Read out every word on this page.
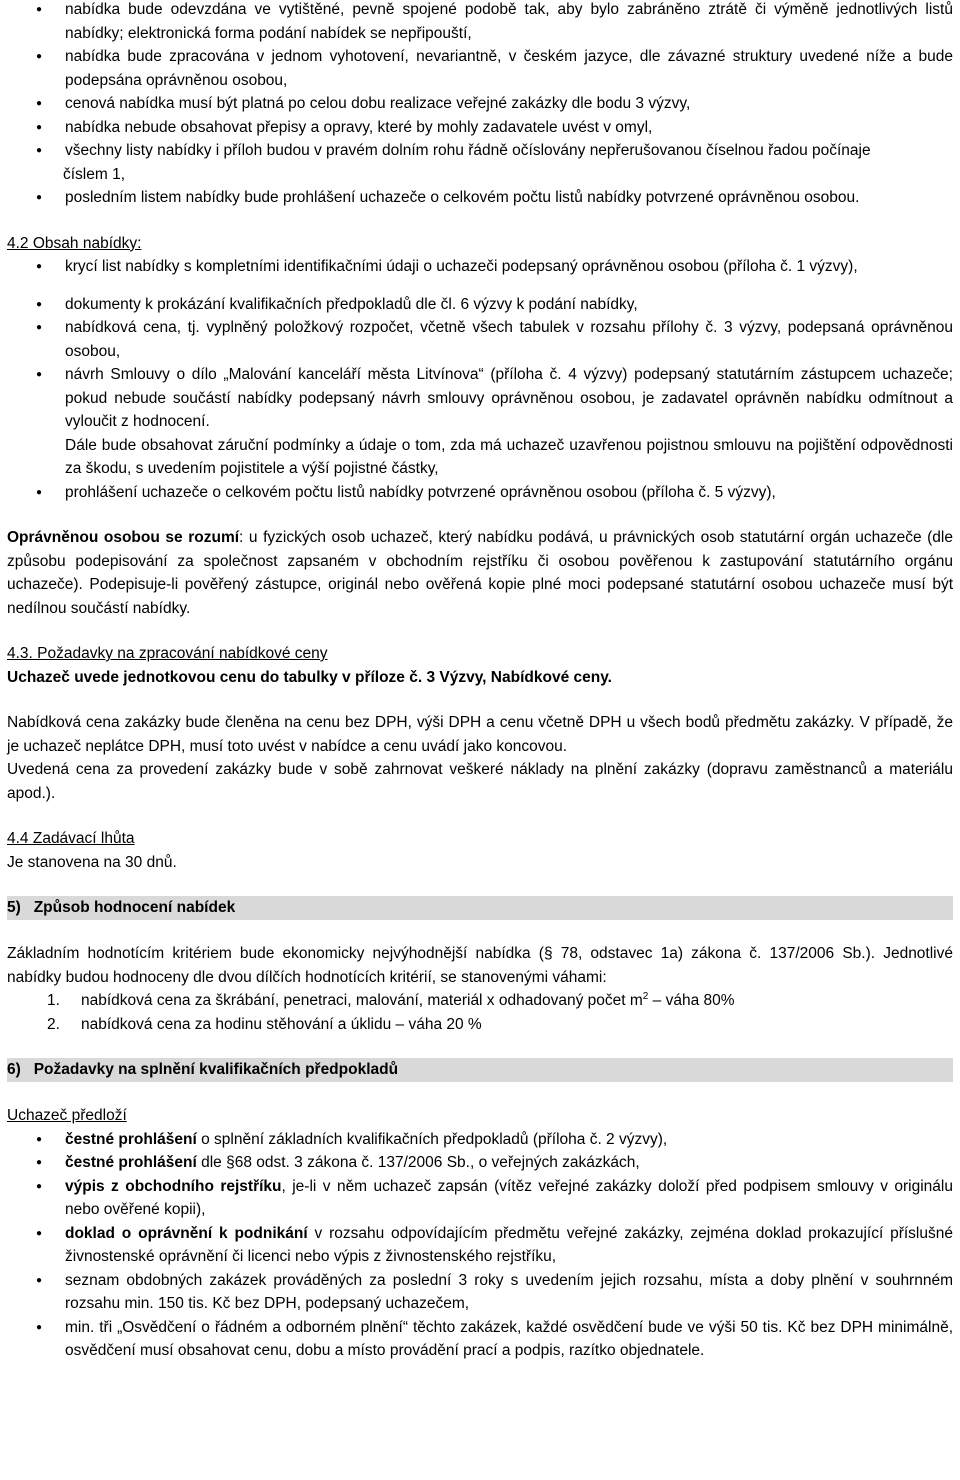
● nabídka bude odevzdána ve vytištěné, pevně spojené podobě tak, aby bylo zabráněno ztrátě či výměně jednotlivých listů nabídky; elektronická forma podání nabídek se nepřipouští,
● nabídka bude zpracována v jednom vyhotovení, nevariantně, v českém jazyce, dle závazné struktury uvedené níže a bude podepsána oprávněnou osobou,
● cenová nabídka musí být platná po celou dobu realizace veřejné zakázky dle bodu 3 výzvy,
● nabídka nebude obsahovat přepisy a opravy, které by mohly zadavatele uvést v omyl,
● všechny listy nabídky i příloh budou v pravém dolním rohu řádně očíslovány nepřerušovanou číselnou řadou počínaje
číslem 1,
● posledním listem nabídky bude prohlášení uchazeče o celkovém počtu listů nabídky potvrzené oprávněnou osobou.
4.2 Obsah nabídky:
● krycí list nabídky s kompletními identifikačními údaji o uchazeči podepsaný oprávněnou osobou (příloha č. 1 výzvy),
● dokumenty k prokázání kvalifikačních předpokladů dle čl. 6 výzvy k podání nabídky,
● nabídková cena, tj. vyplněný položkový rozpočet, včetně všech tabulek v rozsahu přílohy č. 3 výzvy, podepsaná oprávněnou osobou,
● návrh Smlouvy o dílo „Malování kanceláří města Litvínova“ (příloha č. 4 výzvy) podepsaný statutárním zástupcem uchazeče; pokud nebude součástí nabídky podepsaný návrh smlouvy oprávněnou osobou, je zadavatel oprávněn nabídku odmítnout a vyloučit z hodnocení.
Dále bude obsahovat záruční podmínky a údaje o tom, zda má uchazeč uzavřenou pojistnou smlouvu na pojištění odpovědnosti za škodu, s uvedením pojistitele a výší pojistné částky,
● prohlášení uchazeče o celkovém počtu listů nabídky potvrzené oprávněnou osobou (příloha č. 5 výzvy),

Oprávněnou osobou se rozumí: u fyzických osob uchazeč, který nabídku podává, u právnických osob statutární orgán uchazeče (dle způsobu podepisování za společnost zapsaném v obchodním rejstříku či osobou pověřenou k zastupování statutárního orgánu uchazeče). Podepisuje-li pověřený zástupce, originál nebo ověřená kopie plné moci podepsané statutární osobou uchazeče musí být nedílnou součástí nabídky.

4.3. Požadavky na zpracování nabídkové ceny
Uchazeč uvede jednotkovou cenu do tabulky v příloze č. 3 Výzvy, Nabídkové ceny.

Nabídková cena zakázky bude členěna na cenu bez DPH, výši DPH a cenu včetně DPH u všech bodů předmětu zakázky. V případě, že je uchazeč neplátce DPH, musí toto uvést v nabídce a cenu uvádí jako koncovou.

Uvedená cena za provedení zakázky bude v sobě zahrnovat veškeré náklady na plnění zakázky (dopravu zaměstnanců a materiálu apod.).

4.4 Zadávací lhůta
Je stanovena na 30 dnů.
5)   Způsob hodnocení nabídek

Základním hodnotícím kritériem bude ekonomicky nejvýhodnější nabídka (§ 78, odstavec 1a) zákona č. 137/2006 Sb.). Jednotlivé nabídky budou hodnoceny dle dvou dílčích hodnotících kritérií, se stanovenými váhami:

1. nabídková cena za škrábání, penetraci, malování, materiál x odhadovaný počet $m^2$ – váha 80%
2. nabídková cena za hodinu stěhování a úklidu – váha 20 %
6)   Požadavky na splnění kvalifikačních předpokladů
Uchazeč předloží
● čestné prohlášení o splnění základních kvalifikačních předpokladů (příloha č. 2 výzvy),
● čestné prohlášení dle §68 odst. 3 zákona č. 137/2006 Sb., o veřejných zakázkách,
● výpis z obchodního rejstříku, je-li v něm uchazeč zapsán (vítěz veřejné zakázky doloží před podpisem smlouvy v originálu nebo ověřené kopii),
● doklad o oprávnění k podnikání v rozsahu odpovídajícím předmětu veřejné zakázky, zejména doklad prokazující příslušné živnostenské oprávnění či licenci nebo výpis z živnostenského rejstříku,
● seznam obdobných zakázek prováděných za poslední 3 roky s uvedením jejich rozsahu, místa a doby plnění v souhrnném rozsahu min. 150 tis. Kč bez DPH, podepsaný uchazečem,
● min. tři „Osvědčení o řádném a odborném plnění“ těchto zakázek, každé osvědčení bude ve výši 50 tis. Kč bez DPH minimálně, osvědčení musí obsahovat cenu, dobu a místo provádění prací a podpis, razítko objednatele.
